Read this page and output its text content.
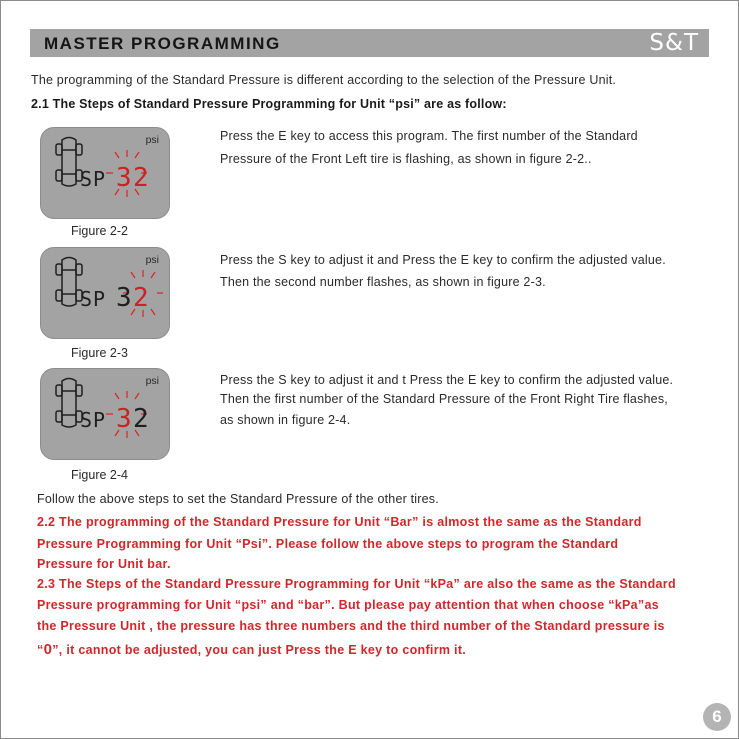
MASTER PROGRAMMING	S&T
The programming of the Standard Pressure is different according to the selection of the Pressure Unit.
2.1 The Steps of Standard Pressure Programming for Unit “psi” are as follow:
psi
SP 3 2
Figure 2-2
Press the E key to access this program. The first number of the Standard
Pressure of the Front Left tire is flashing, as shown in figure 2-2..
psi
SP 3 2
Figure 2-3
Press the S key to adjust it and Press the E key to confirm the adjusted value.
Then the second number flashes, as shown in figure 2-3.
psi
SP 3 2
Figure 2-4
Press the S key to adjust it and t Press the E key to confirm the adjusted value.
Then the first number of the Standard Pressure of the Front Right Tire flashes,
as shown in figure 2-4.
Follow the above steps to set the Standard Pressure of the other tires.
2.2 The programming of the Standard Pressure for Unit “Bar” is almost the same as the Standard
Pressure Programming for Unit “Psi”. Please follow the above steps to program the Standard
Pressure for Unit bar.
2.3 The Steps of the Standard Pressure Programming for Unit “kPa” are also the same as the Standard
Pressure programming for Unit “psi” and “bar”. But please pay attention that when choose “kPa”as
the Pressure Unit , the pressure has three numbers and the third number of the Standard pressure is
“0”, it cannot be adjusted, you can just Press the E key to confirm it.
6
